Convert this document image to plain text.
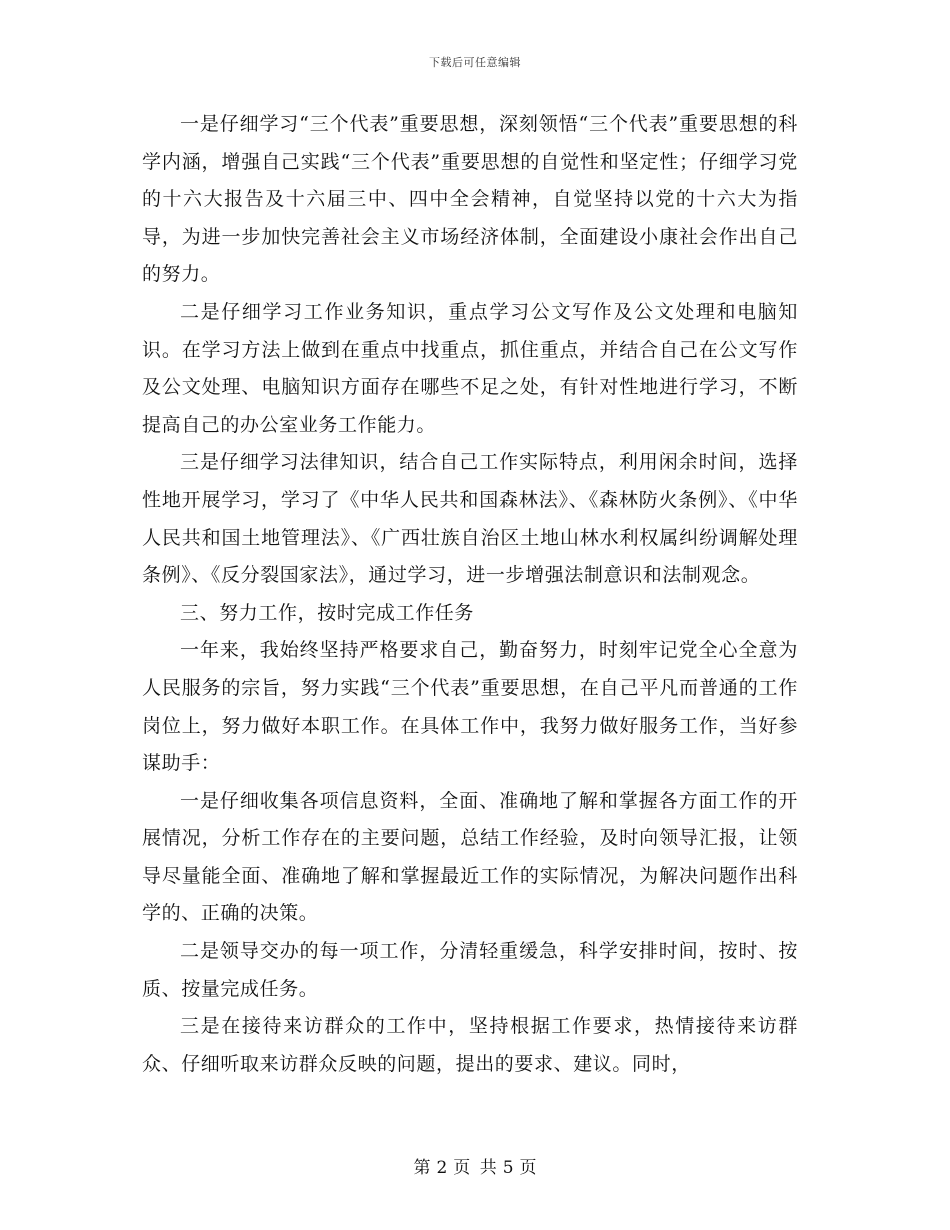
下载后可任意编辑

一是仔细学习“三个代表”重要思想，深刻领悟“三个代表”重要思想的科学内涵，增强自己实践“三个代表”重要思想的自觉性和坚定性；仔细学习党的十六大报告及十六届三中、四中全会精神，自觉坚持以党的十六大为指导，为进一步加快完善社会主义市场经济体制，全面建设小康社会作出自己的努力。

二是仔细学习工作业务知识，重点学习公文写作及公文处理和电脑知识。在学习方法上做到在重点中找重点，抓住重点，并结合自己在公文写作及公文处理、电脑知识方面存在哪些不足之处，有针对性地进行学习，不断提高自己的办公室业务工作能力。

三是仔细学习法律知识，结合自己工作实际特点，利用闲余时间，选择性地开展学习，学习了《中华人民共和国森林法》、《森林防火条例》、《中华人民共和国土地管理法》、《广西壮族自治区土地山林水利权属纠纷调解处理条例》、《反分裂国家法》，通过学习，进一步增强法制意识和法制观念。

三、努力工作，按时完成工作任务

一年来，我始终坚持严格要求自己，勤奋努力，时刻牢记党全心全意为人民服务的宗旨，努力实践“三个代表”重要思想，在自己平凡而普通的工作岗位上，努力做好本职工作。在具体工作中，我努力做好服务工作，当好参谋助手：

一是仔细收集各项信息资料，全面、准确地了解和掌握各方面工作的开展情况，分析工作存在的主要问题，总结工作经验，及时向领导汇报，让领导尽量能全面、准确地了解和掌握最近工作的实际情况，为解决问题作出科学的、正确的决策。

二是领导交办的每一项工作，分清轻重缓急，科学安排时间，按时、按质、按量完成任务。

三是在接待来访群众的工作中，坚持根据工作要求，热情接待来访群众、仔细听取来访群众反映的问题，提出的要求、建议。同时，

第 2 页 共 5 页
